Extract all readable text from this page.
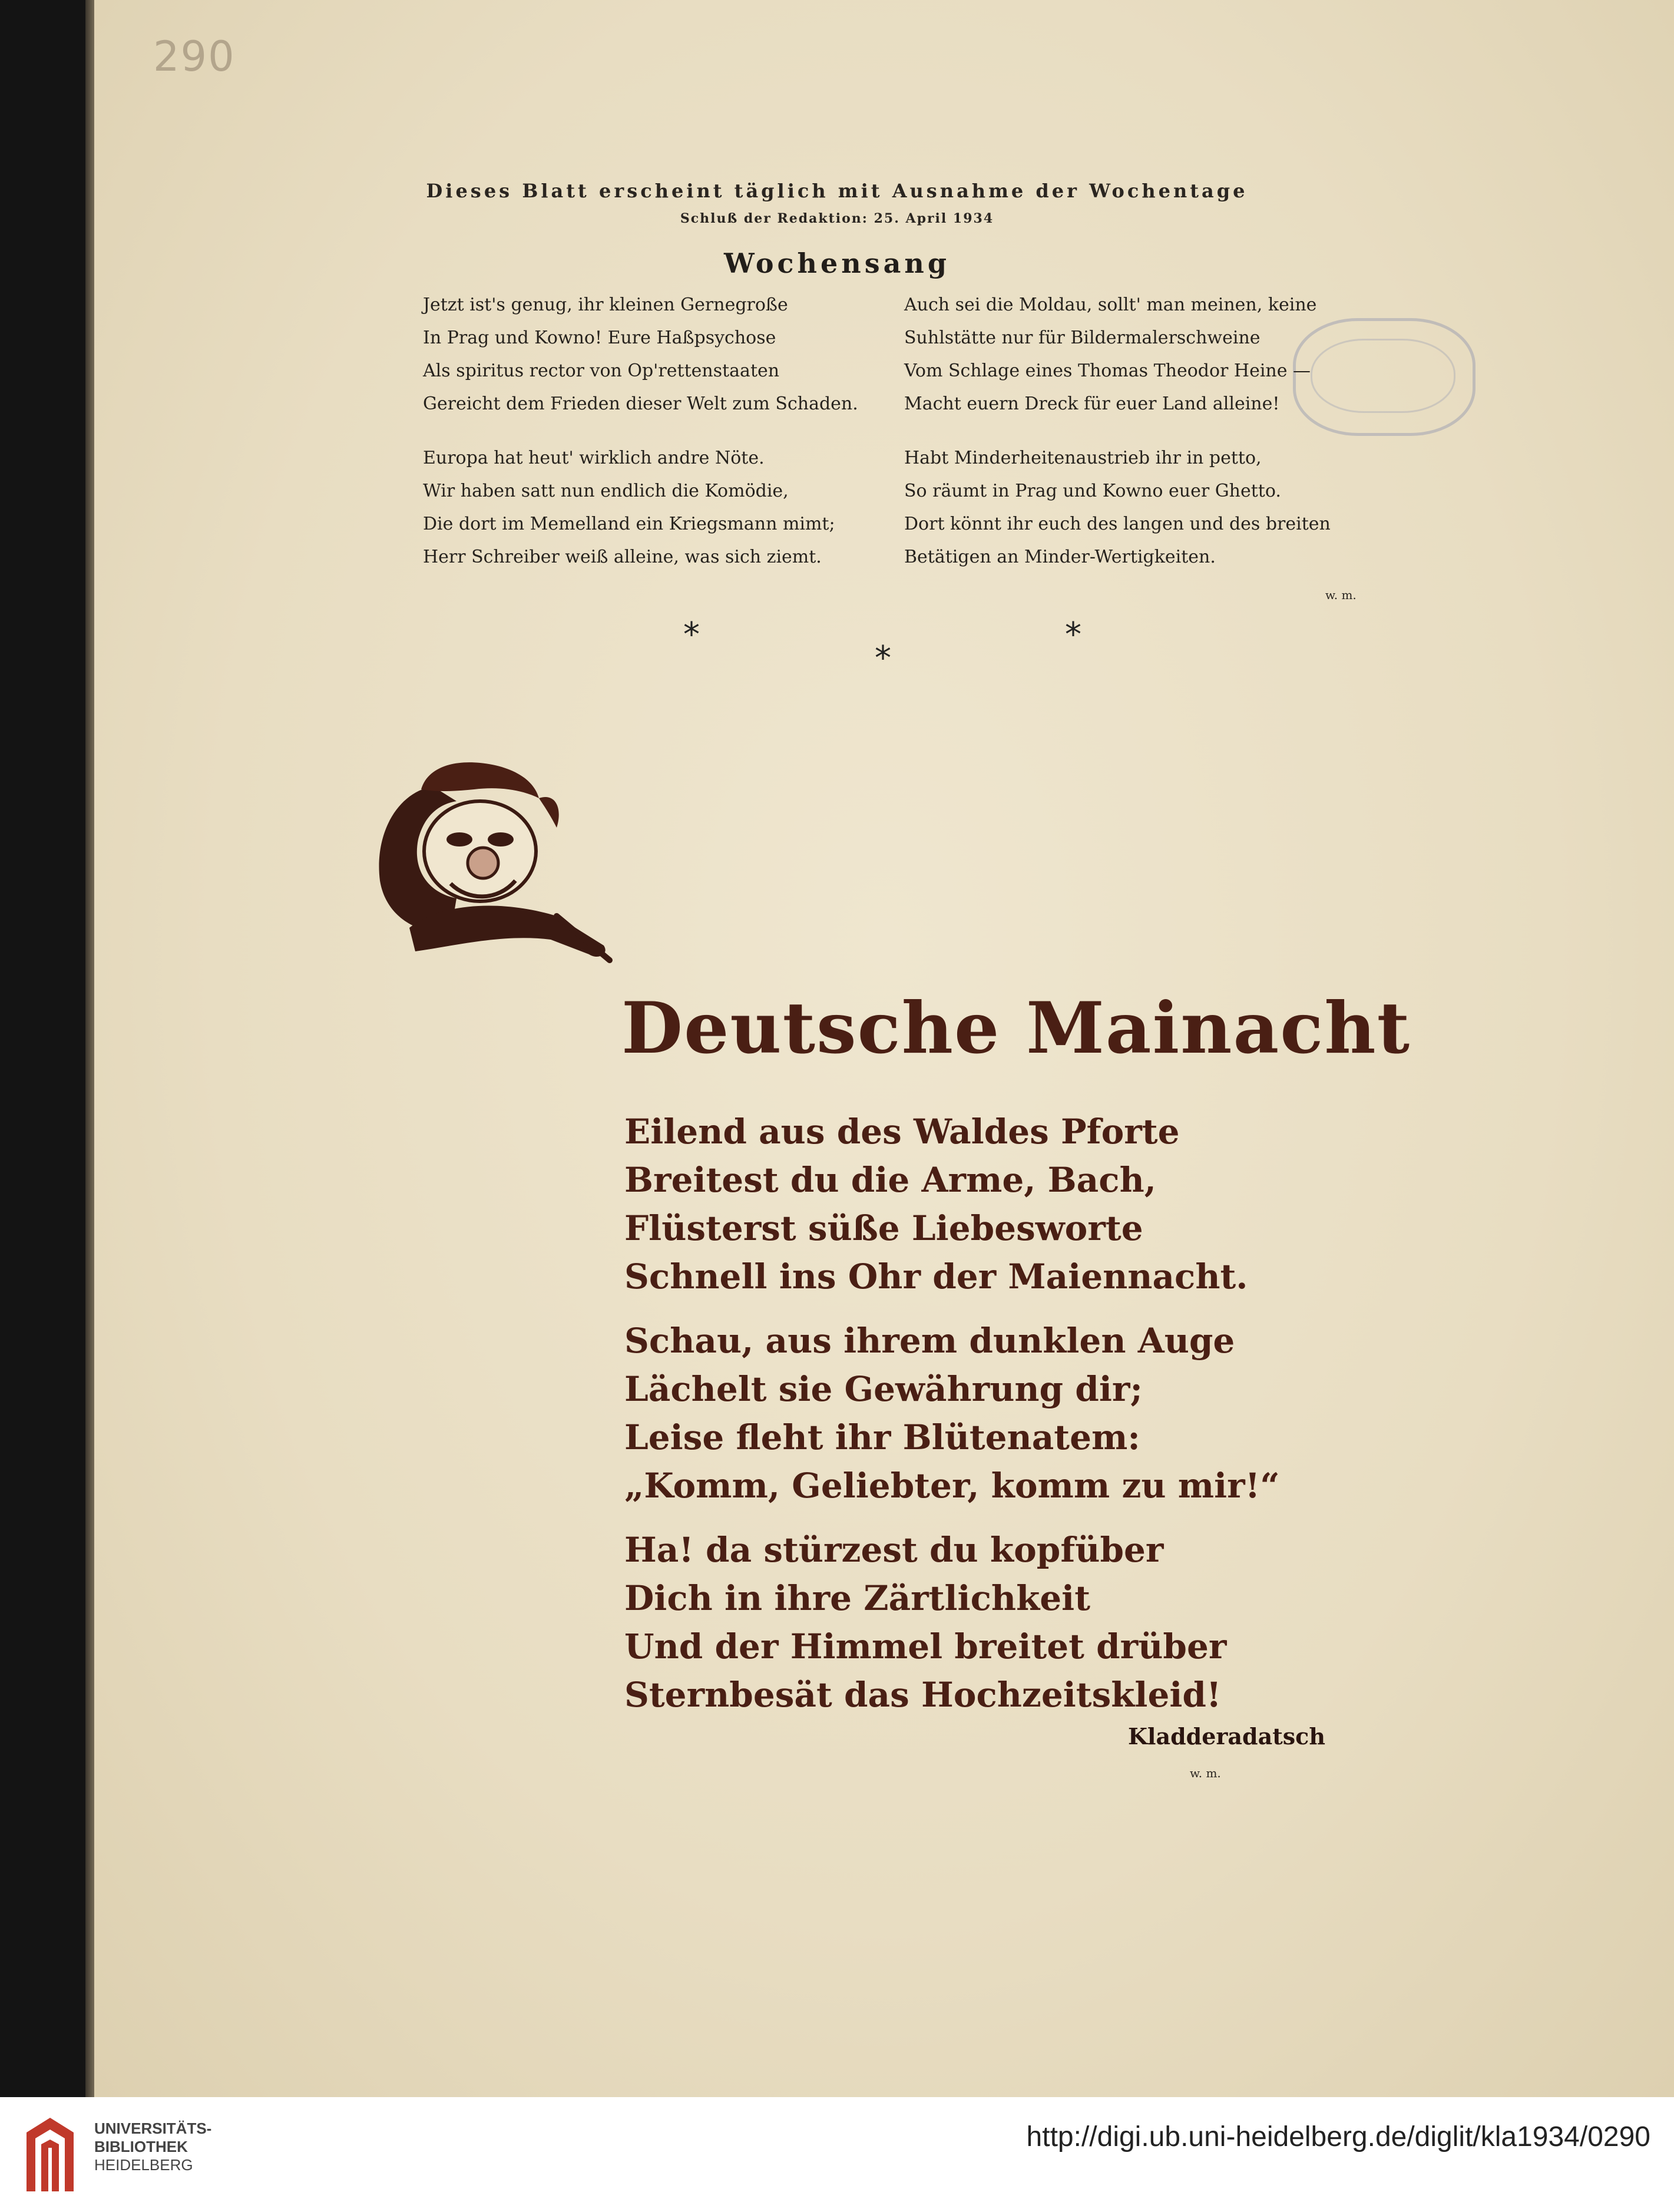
290
Dieses Blatt erscheint täglich mit Ausnahme der Wochentage
Schluß der Redaktion: 25. April 1934
Wochensang

Jetzt ist's genug, ihr kleinen Gernegroße

In Prag und Kowno! Eure Haßpsychose

Als spiritus rector von Op'rettenstaaten

Gereicht dem Frieden dieser Welt zum Schaden.

Auch sei die Moldau, sollt' man meinen, keine

Suhlstätte nur für Bildermalerschweine

Vom Schlage eines Thomas Theodor Heine —

Macht euern Dreck für euer Land alleine!

Europa hat heut' wirklich andre Nöte.

Wir haben satt nun endlich die Komödie,

Die dort im Memelland ein Kriegsmann mimt;

Herr Schreiber weiß alleine, was sich ziemt.

Habt Minderheitenaustrieb ihr in petto,

So räumt in Prag und Kowno euer Ghetto.

Dort könnt ihr euch des langen und des breiten

Betätigen an Minder-Wertigkeiten.

w. m.
*
*
*
Deutsche Mainacht

Eilend aus des Waldes Pforte

Breitest du die Arme, Bach,

Flüsterst süße Liebesworte

Schnell ins Ohr der Maiennacht.

Schau, aus ihrem dunklen Auge

Lächelt sie Gewährung dir;

Leise fleht ihr Blütenatem:

„Komm, Geliebter, komm zu mir!“

Ha! da stürzest du kopfüber

Dich in ihre Zärtlichkeit

Und der Himmel breitet drüber

Sternbesät das Hochzeitskleid!

Kladderadatsch
w. m.
UNIVERSITÄTS-
BIBLIOTHEK
HEIDELBERG
http://digi.ub.uni-heidelberg.de/diglit/kla1934/0290
